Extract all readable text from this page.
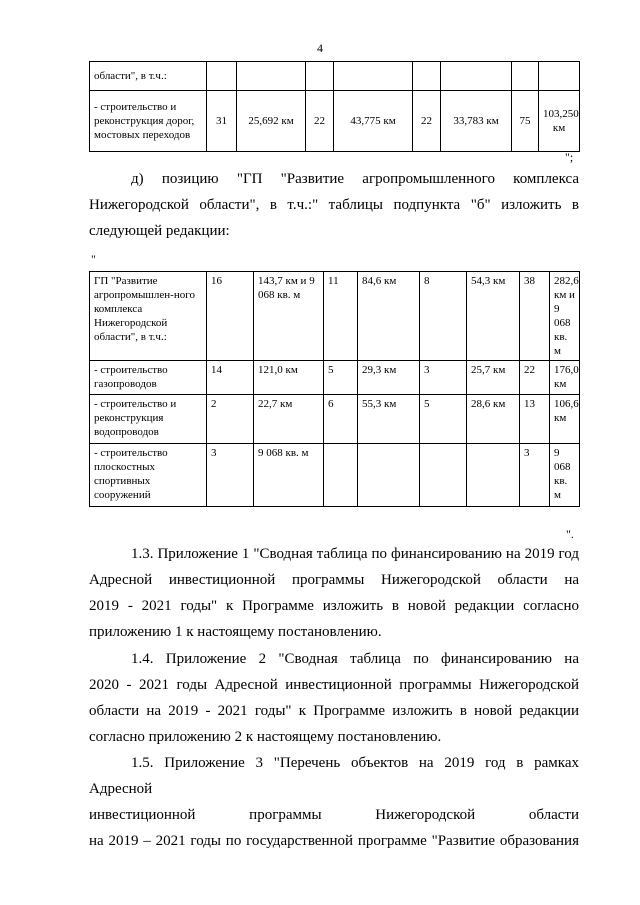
4
области", в т.ч.:								
- строительство и реконструкция дорог, мостовых переходов	31	25,692 км	22	43,775 км	22	33,783 км	75	103,250 км
";
д) позицию "ГП "Развитие агропромышленного комплекса
Нижегородской области", в т.ч.:" таблицы подпункта "б" изложить в
следующей редакции:
"
ГП "Развитие агропромышлен-ного комплекса Нижегородской области", в т.ч.:	16	143,7 км и 9 068 кв. м	11	84,6 км	8	54,3 км	38	282,6 км и 9 068 кв. м
- строительство газопроводов	14	121,0 км	5	29,3 км	3	25,7 км	22	176,0 км
- строительство и реконструкция водопроводов	2	22,7 км	6	55,3 км	5	28,6 км	13	106,6 км
- строительство плоскостных спортивных сооружений	3	9 068 кв. м					3	9 068 кв. м
".
1.3. Приложение 1 "Сводная таблица по финансированию на 2019 год
Адресной инвестиционной программы Нижегородской области на
2019 - 2021 годы" к Программе изложить в новой редакции согласно
приложению 1 к настоящему постановлению.
1.4. Приложение 2 "Сводная таблица по финансированию на
2020 - 2021 годы Адресной инвестиционной программы Нижегородской
области на 2019 - 2021 годы" к Программе изложить в новой редакции
согласно приложению 2 к настоящему постановлению.
1.5. Приложение 3 "Перечень объектов на 2019 год в рамках Адресной
инвестиционной программы Нижегородской области
на 2019 – 2021 годы по государственной программе "Развитие образования
